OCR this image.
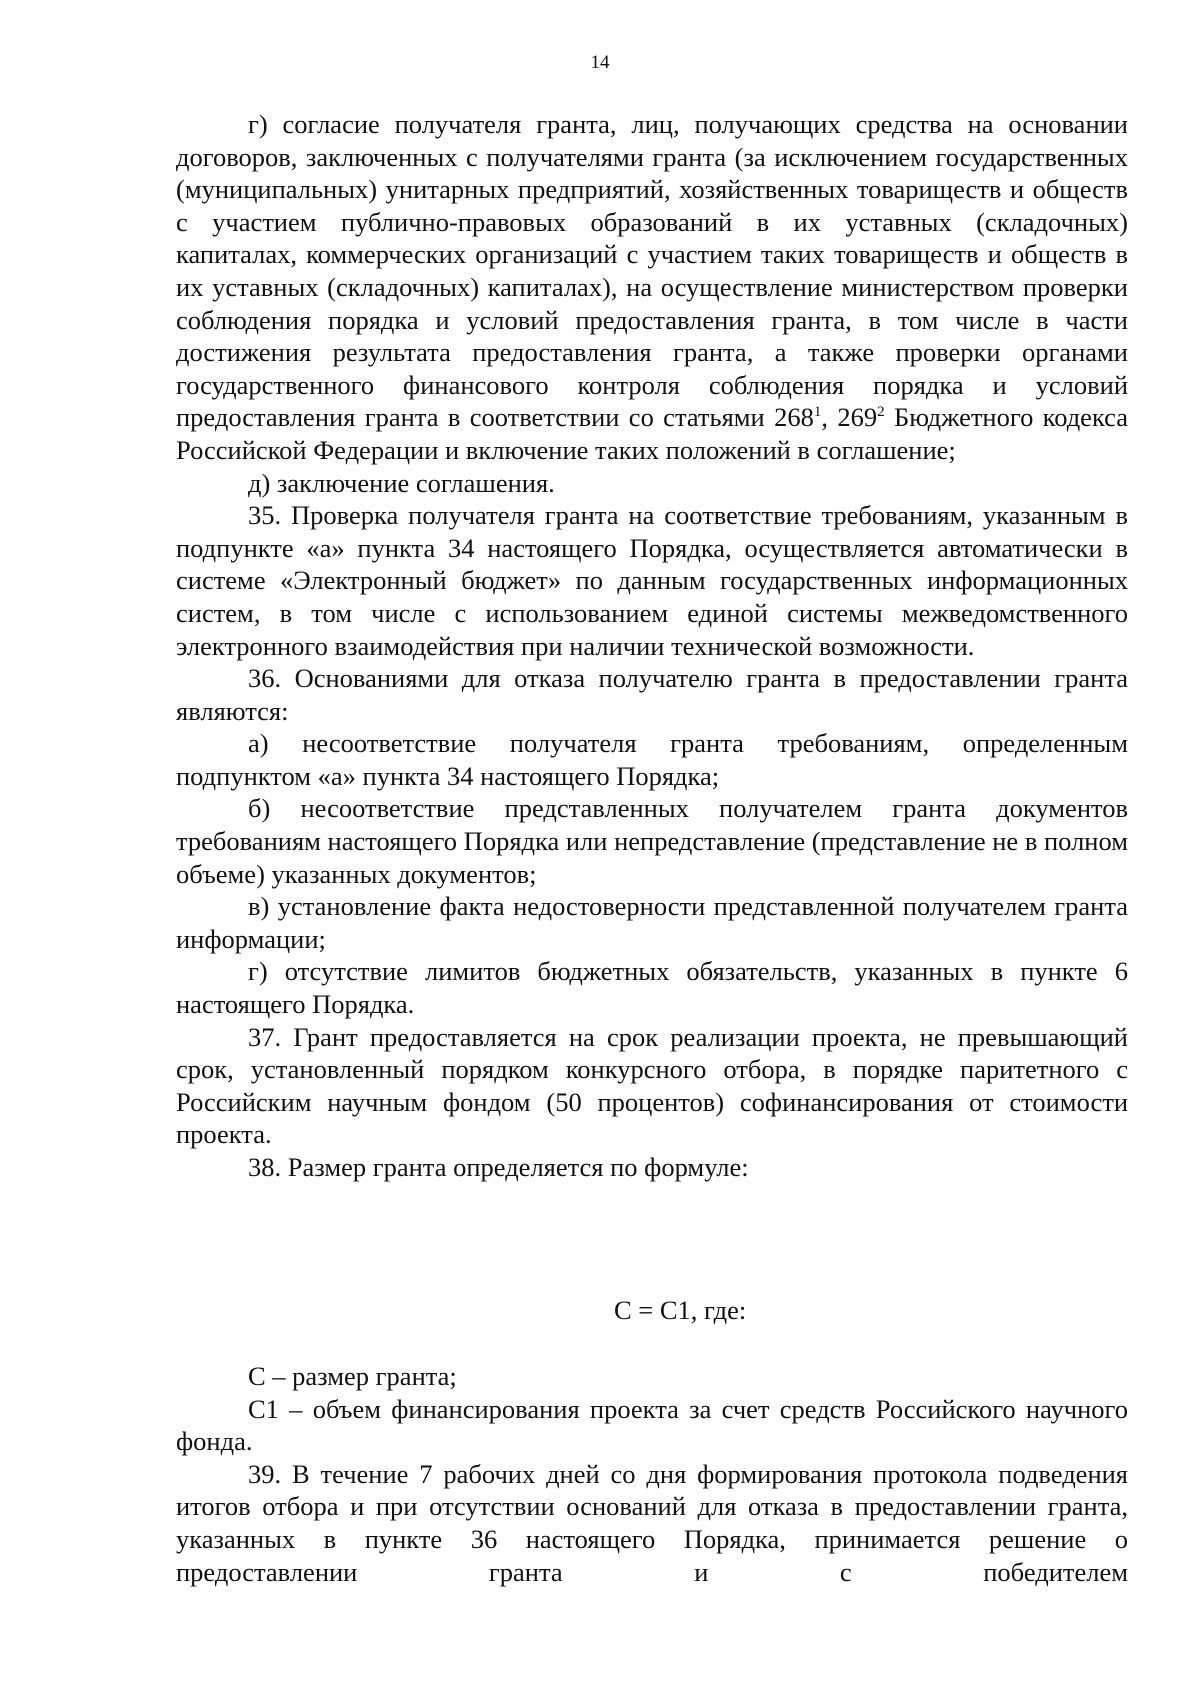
14

г) согласие получателя гранта, лиц, получающих средства на основании договоров, заключенных с получателями гранта (за исключением государственных (муниципальных) унитарных предприятий, хозяйственных товариществ и обществ с участием публично-правовых образований в их уставных (складочных) капиталах, коммерческих организаций с участием таких товариществ и обществ в их уставных (складочных) капиталах), на осуществление министерством проверки соблюдения порядка и условий предоставления гранта, в том числе в части достижения результата предоставления гранта, а также проверки органами государственного финансового контроля соблюдения порядка и условий предоставления гранта в соответствии со статьями $268^1$, $269^2$ Бюджетного кодекса Российской Федерации и включение таких положений в соглашение;

д) заключение соглашения.

35. Проверка получателя гранта на соответствие требованиям, указанным в подпункте «а» пункта 34 настоящего Порядка, осуществляется автоматически в системе «Электронный бюджет» по данным государственных информационных систем, в том числе с использованием единой системы межведомственного электронного взаимодействия при наличии технической возможности.

36. Основаниями для отказа получателю гранта в предоставлении гранта являются:

а) несоответствие получателя гранта требованиям, определенным подпунктом «а» пункта 34 настоящего Порядка;

б) несоответствие представленных получателем гранта документов требованиям настоящего Порядка или непредставление (представление не в полном объеме) указанных документов;

в) установление факта недостоверности представленной получателем гранта информации;

г) отсутствие лимитов бюджетных обязательств, указанных в пункте 6 настоящего Порядка.

37. Грант предоставляется на срок реализации проекта, не превышающий срок, установленный порядком конкурсного отбора, в порядке паритетного с Российским научным фондом (50 процентов) софинансирования от стоимости проекта.

38. Размер гранта определяется по формуле:

С = С1, где:

С – размер гранта;

С1 – объем финансирования проекта за счет средств Российского научного фонда.

39. В течение 7 рабочих дней со дня формирования протокола подведения итогов отбора и при отсутствии оснований для отказа в предоставлении гранта, указанных в пункте 36 настоящего Порядка, принимается решение о предоставлении гранта и с победителем
